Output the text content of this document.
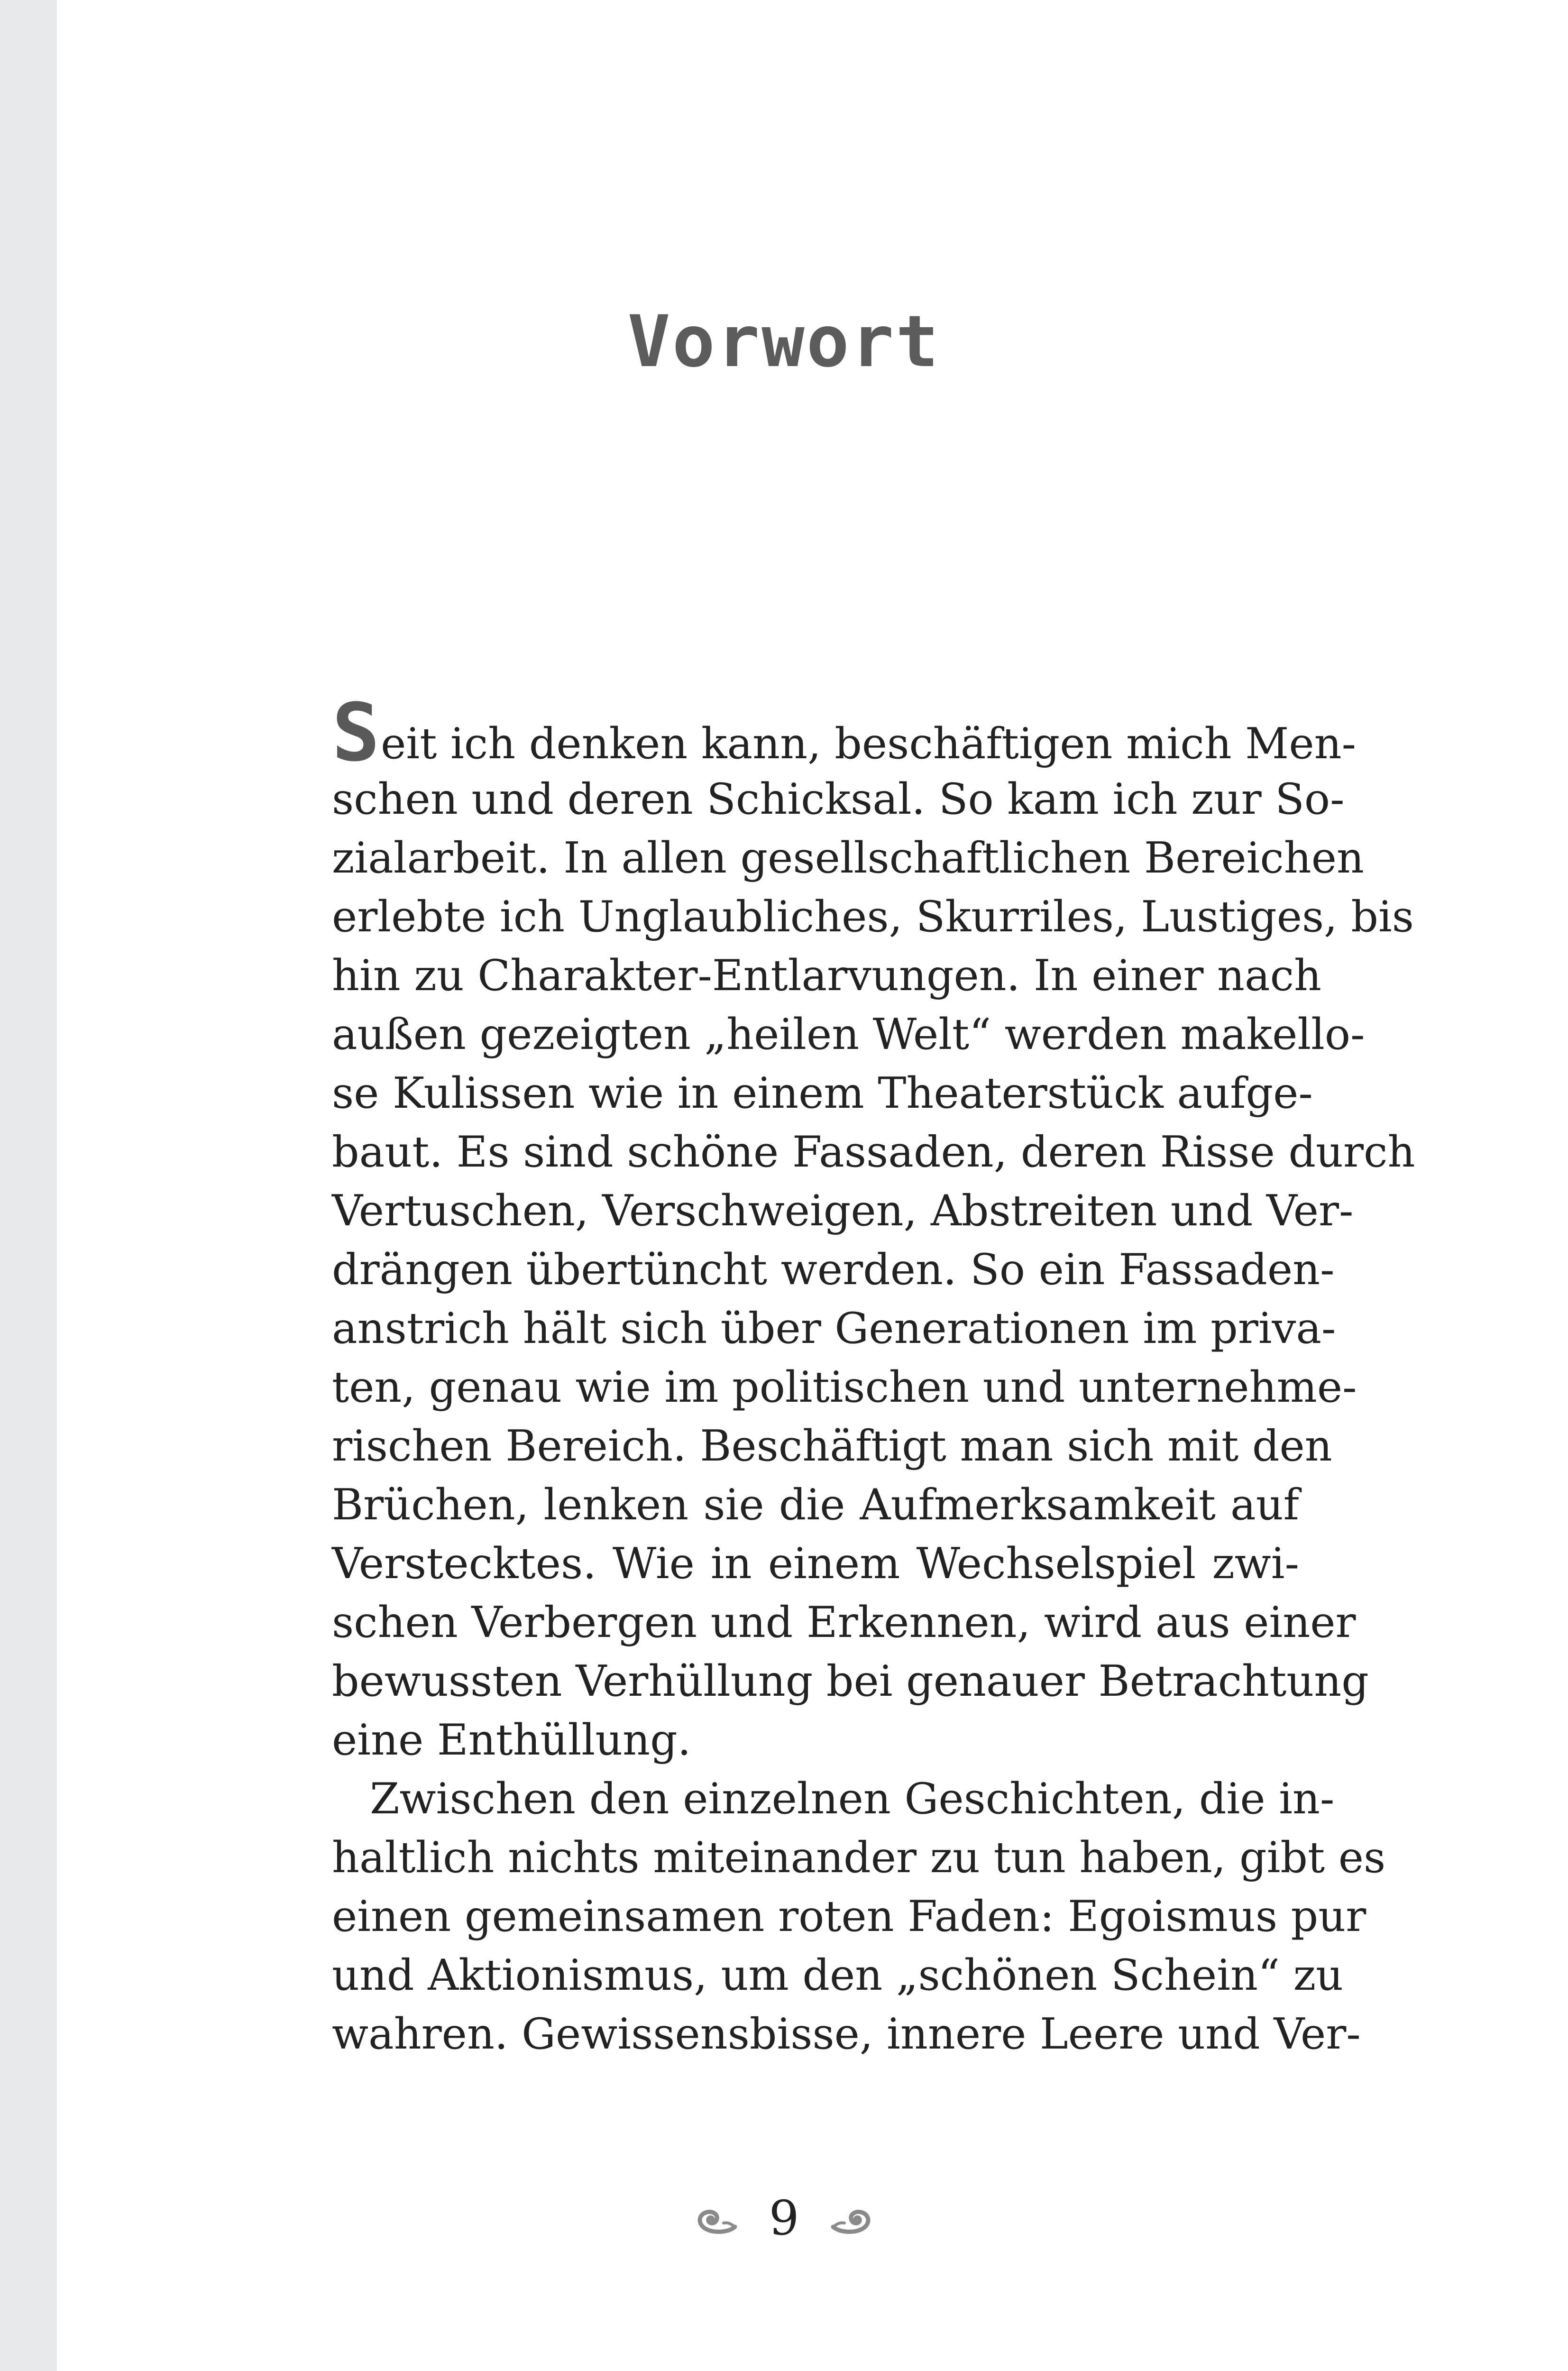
Vorwort
Seit ich denken kann, beschäftigen mich Men-
schen und deren Schicksal. So kam ich zur So-
zialarbeit. In allen gesellschaftlichen Bereichen
erlebte ich Unglaubliches, Skurriles, Lustiges, bis
hin zu Charakter-Entlarvungen. In einer nach
außen gezeigten „heilen Welt“ werden makello-
se Kulissen wie in einem Theaterstück aufge-
baut. Es sind schöne Fassaden, deren Risse durch
Vertuschen, Verschweigen, Abstreiten und Ver-
drängen übertüncht werden. So ein Fassaden-
anstrich hält sich über Generationen im priva-
ten, genau wie im politischen und unternehme-
rischen Bereich. Beschäftigt man sich mit den
Brüchen, lenken sie die Aufmerksamkeit auf
Verstecktes. Wie in einem Wechselspiel zwi-
schen Verbergen und Erkennen, wird aus einer
bewussten Verhüllung bei genauer Betrachtung
eine Enthüllung.
Zwischen den einzelnen Geschichten, die in-
haltlich nichts miteinander zu tun haben, gibt es
einen gemeinsamen roten Faden: Egoismus pur
und Aktionismus, um den „schönen Schein“ zu
wahren. Gewissensbisse, innere Leere und Ver-
9
